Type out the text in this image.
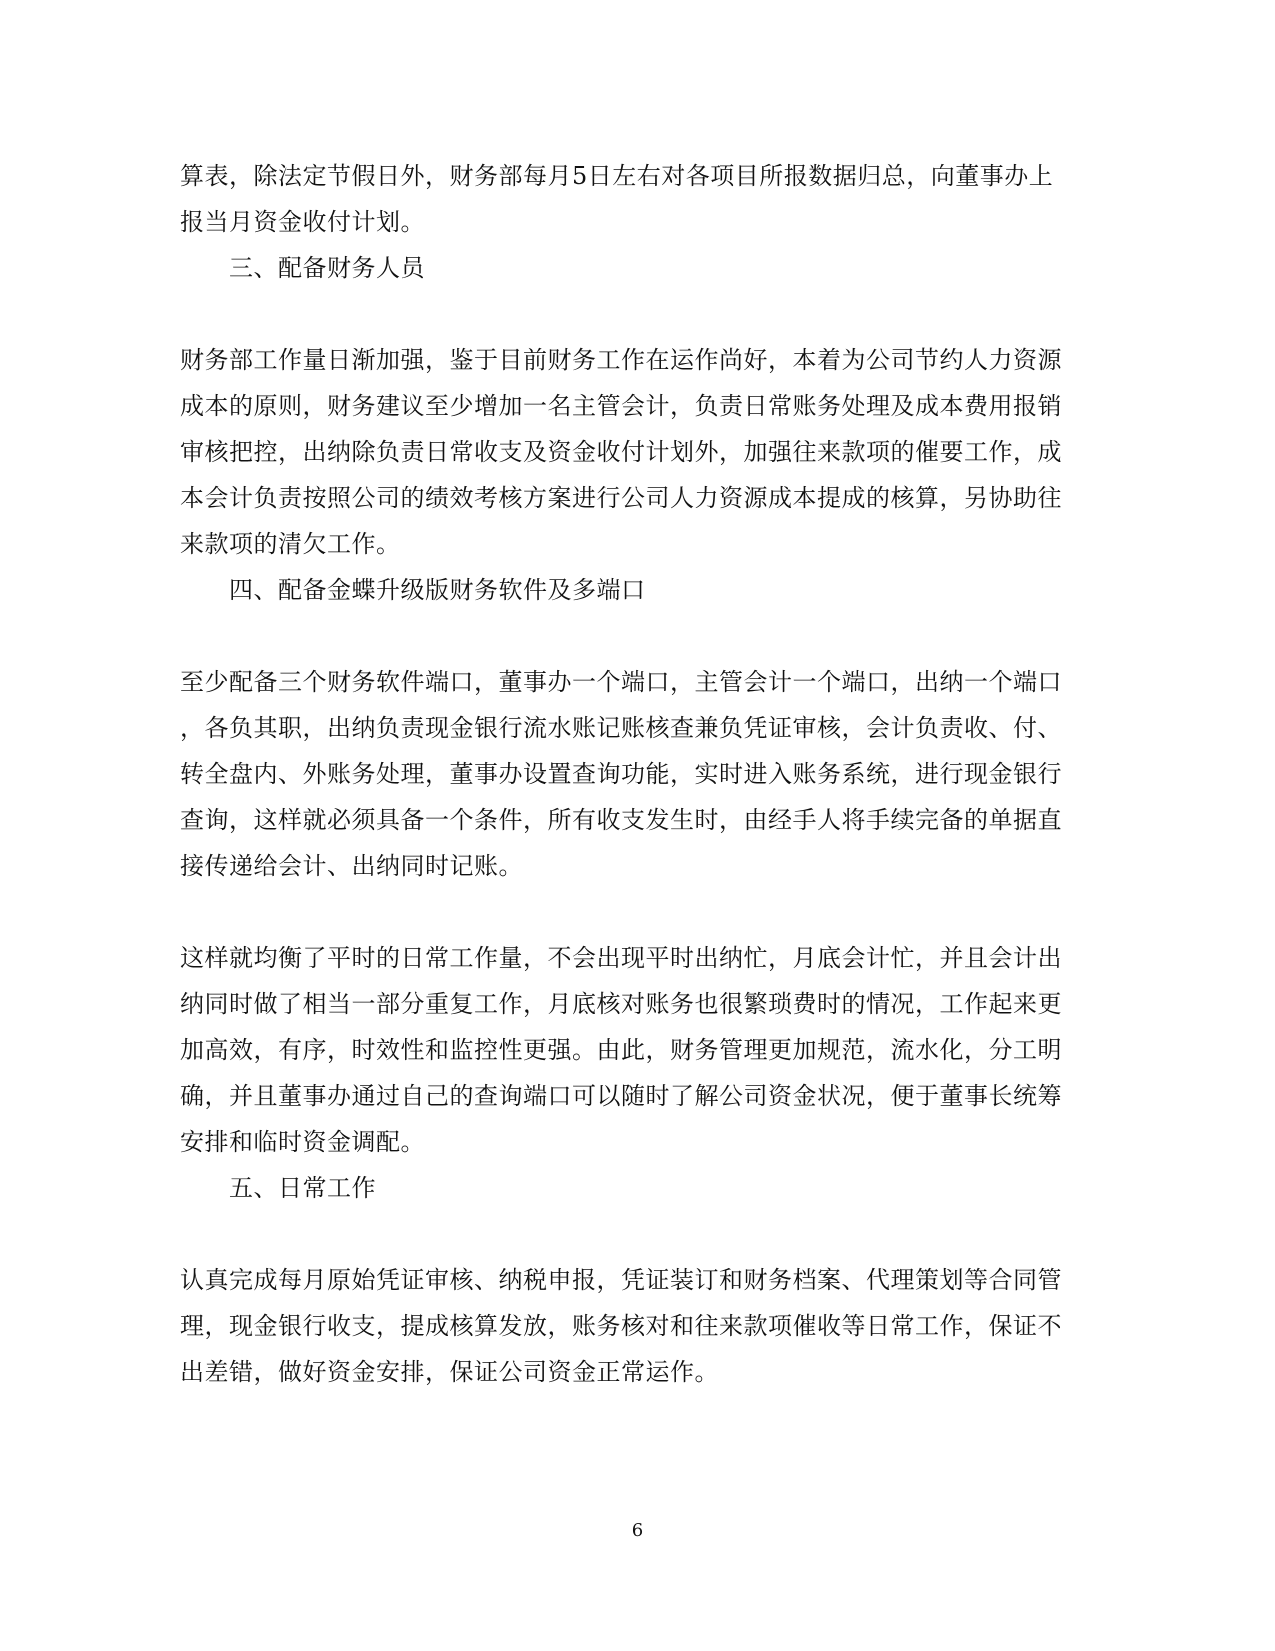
算表，除法定节假日外，财务部每月5日左右对各项目所报数据归总，向董事办上
报当月资金收付计划。
三、配备财务人员
财务部工作量日渐加强，鉴于目前财务工作在运作尚好，本着为公司节约人力资源
成本的原则，财务建议至少增加一名主管会计，负责日常账务处理及成本费用报销
审核把控，出纳除负责日常收支及资金收付计划外，加强往来款项的催要工作，成
本会计负责按照公司的绩效考核方案进行公司人力资源成本提成的核算，另协助往
来款项的清欠工作。
四、配备金蝶升级版财务软件及多端口
至少配备三个财务软件端口，董事办一个端口，主管会计一个端口，出纳一个端口
，各负其职，出纳负责现金银行流水账记账核查兼负凭证审核，会计负责收、付、
转全盘内、外账务处理，董事办设置查询功能，实时进入账务系统，进行现金银行
查询，这样就必须具备一个条件，所有收支发生时，由经手人将手续完备的单据直
接传递给会计、出纳同时记账。
这样就均衡了平时的日常工作量，不会出现平时出纳忙，月底会计忙，并且会计出
纳同时做了相当一部分重复工作，月底核对账务也很繁琐费时的情况，工作起来更
加高效，有序，时效性和监控性更强。由此，财务管理更加规范，流水化，分工明
确，并且董事办通过自己的查询端口可以随时了解公司资金状况，便于董事长统筹
安排和临时资金调配。
五、日常工作
认真完成每月原始凭证审核、纳税申报，凭证装订和财务档案、代理策划等合同管
理，现金银行收支，提成核算发放，账务核对和往来款项催收等日常工作，保证不
出差错，做好资金安排，保证公司资金正常运作。
6
